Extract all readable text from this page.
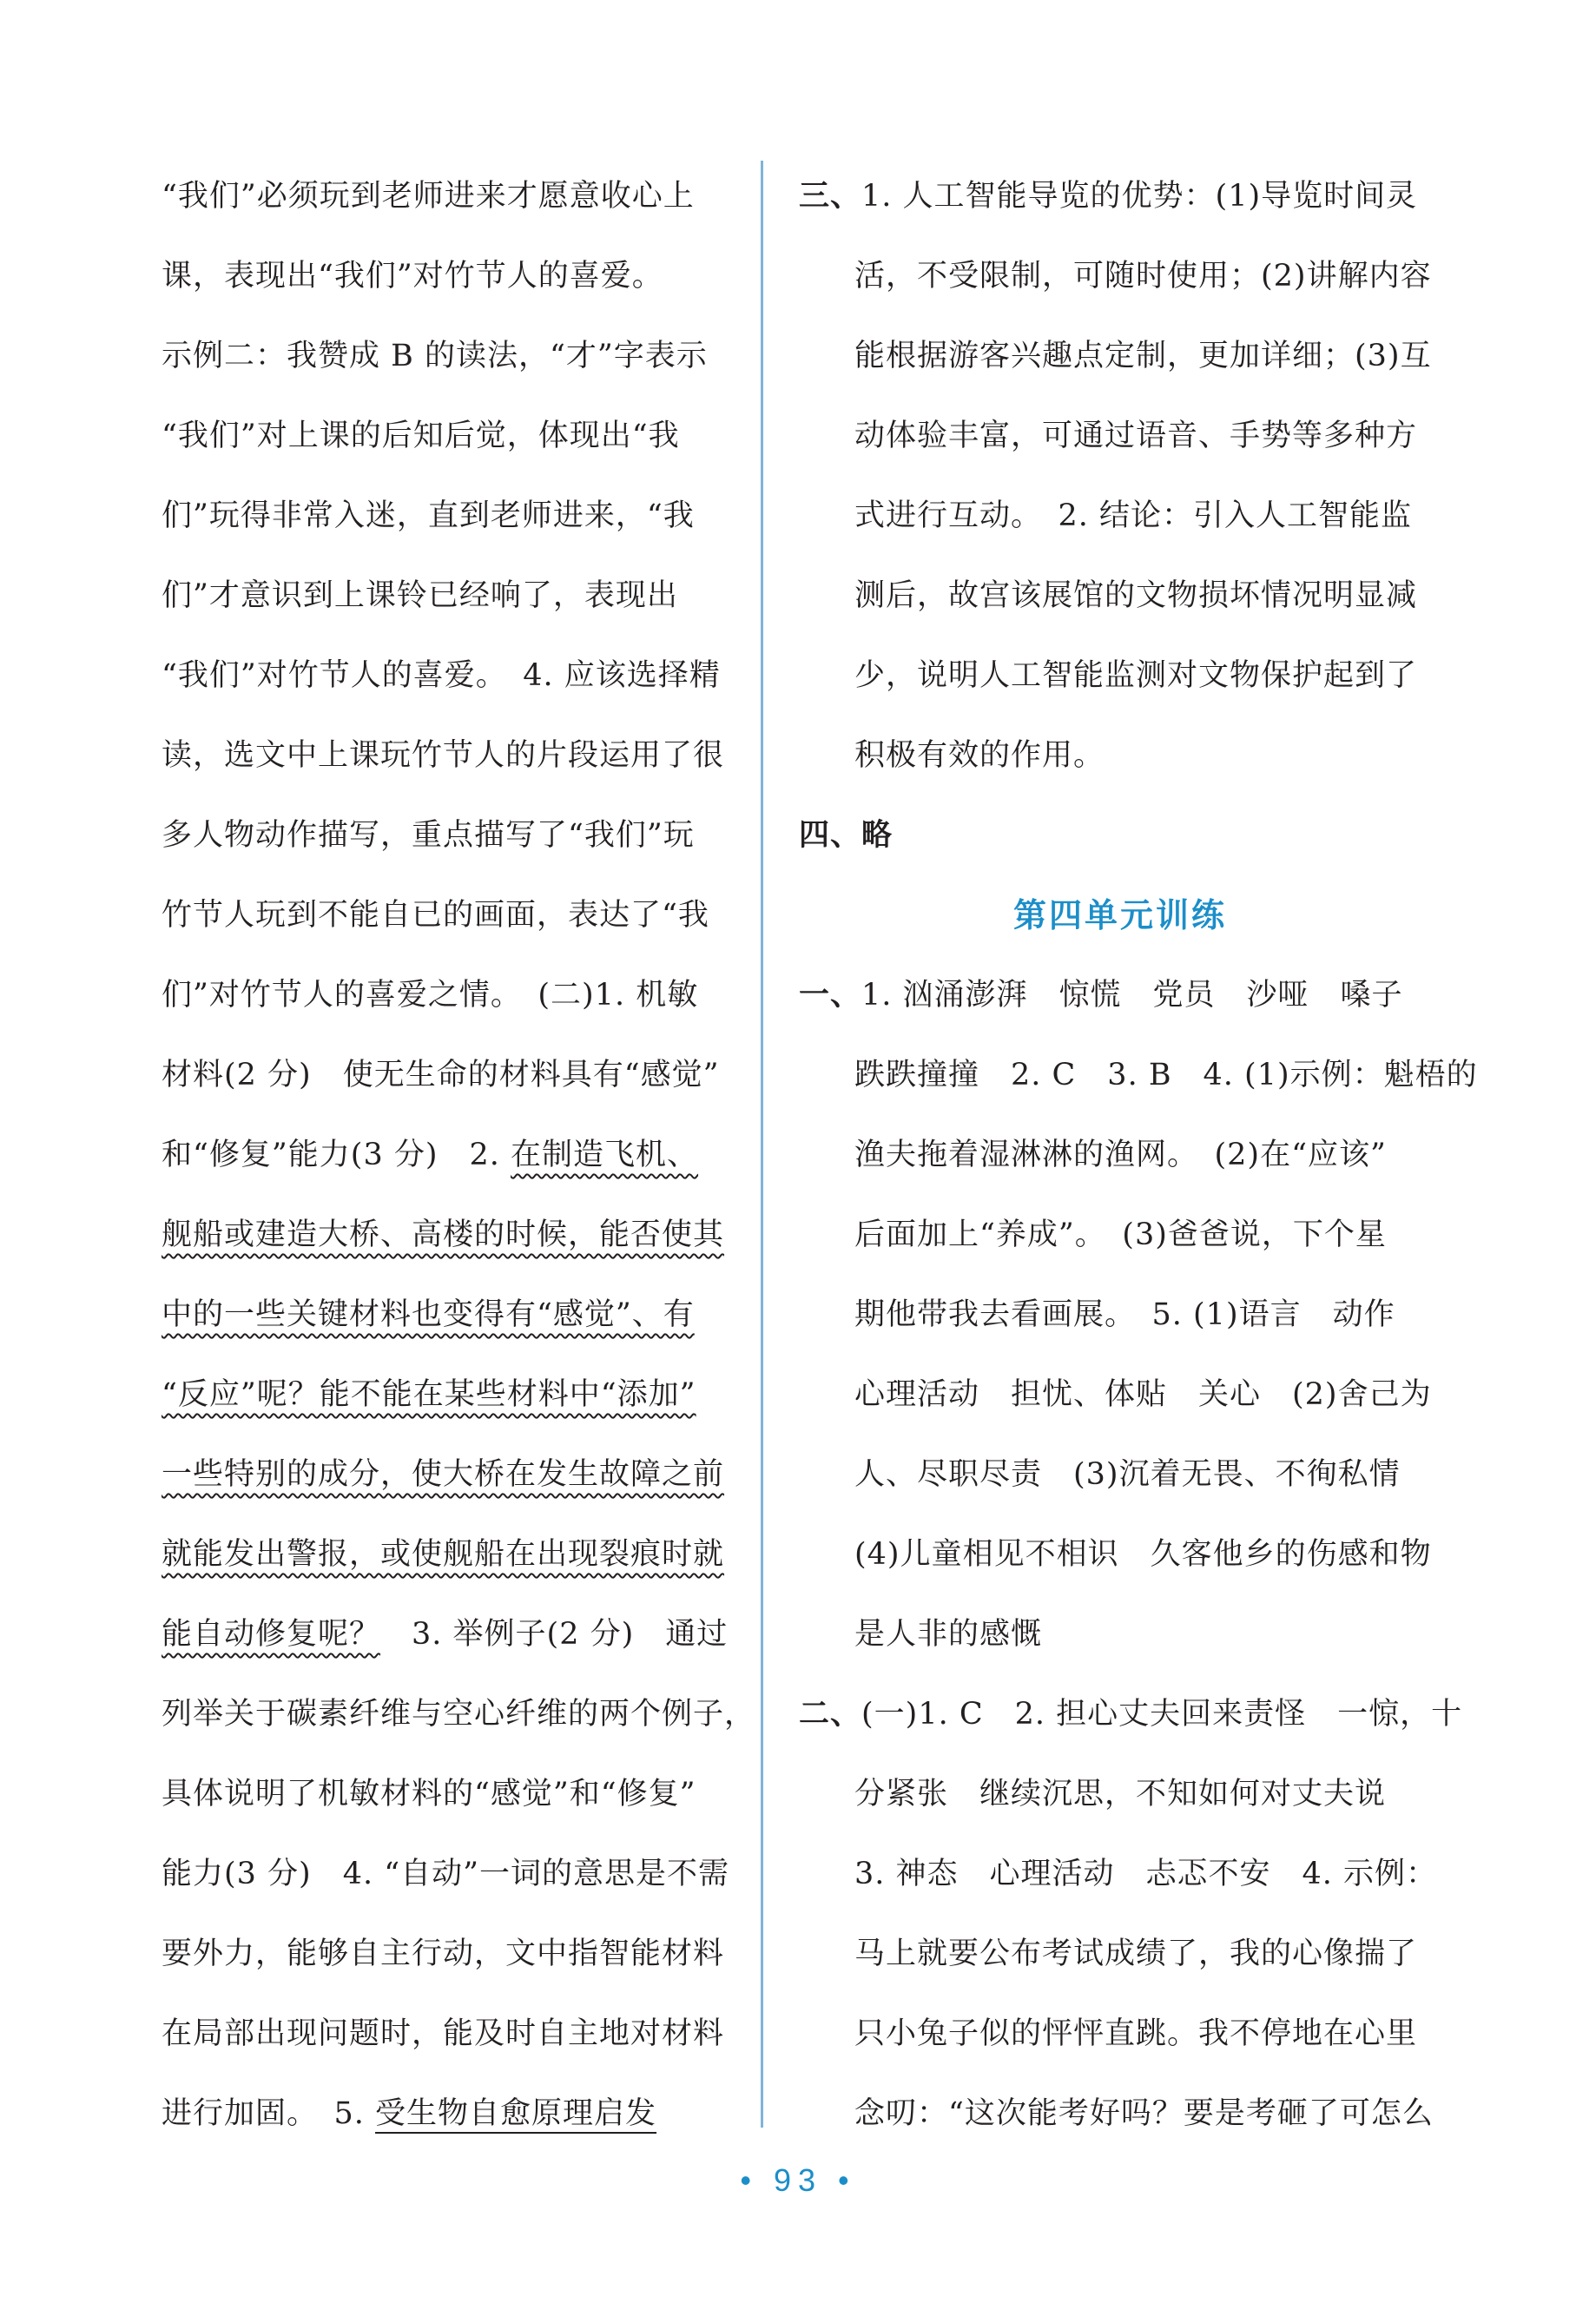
“我们”必须玩到老师进来才愿意收心上
课，表现出“我们”对竹节人的喜爱。
示例二：我赞成 B 的读法，“才”字表示
“我们”对上课的后知后觉，体现出“我
们”玩得非常入迷，直到老师进来，“我
们”才意识到上课铃已经响了，表现出
“我们”对竹节人的喜爱。　4. 应该选择精
读，选文中上课玩竹节人的片段运用了很
多人物动作描写，重点描写了“我们”玩
竹节人玩到不能自已的画面，表达了“我
们”对竹节人的喜爱之情。　(二)1. 机敏
材料(2 分)　使无生命的材料具有“感觉”
和“修复”能力(3 分)　2. 在制造飞机、
舰船或建造大桥、高楼的时候，能否使其
中的一些关键材料也变得有“感觉”、有
“反应”呢？能不能在某些材料中“添加”
一些特别的成分，使大桥在发生故障之前
就能发出警报，或使舰船在出现裂痕时就
能自动修复呢？　3. 举例子(2 分)　通过
列举关于碳素纤维与空心纤维的两个例子，
具体说明了机敏材料的“感觉”和“修复”
能力(3 分)　4. “自动”一词的意思是不需
要外力，能够自主行动，文中指智能材料
在局部出现问题时，能及时自主地对材料
进行加固。　5. 受生物自愈原理启发
三、1. 人工智能导览的优势：(1)导览时间灵
活，不受限制，可随时使用；(2)讲解内容
能根据游客兴趣点定制，更加详细；(3)互
动体验丰富，可通过语音、手势等多种方
式进行互动。　2. 结论：引入人工智能监
测后，故宫该展馆的文物损坏情况明显减
少，说明人工智能监测对文物保护起到了
积极有效的作用。
四、略
第四单元训练
一、1. 汹涌澎湃　惊慌　党员　沙哑　嗓子
跌跌撞撞　2. C　3. B　4. (1)示例：魁梧的
渔夫拖着湿淋淋的渔网。　(2)在“应该”
后面加上“养成”。　(3)爸爸说，下个星
期他带我去看画展。　5. (1)语言　动作
心理活动　担忧、体贴　关心　(2)舍己为
人、尽职尽责　(3)沉着无畏、不徇私情
(4)儿童相见不相识　久客他乡的伤感和物
是人非的感慨
二、(一)1. C　2. 担心丈夫回来责怪　一惊，十
分紧张　继续沉思，不知如何对丈夫说
3. 神态　心理活动　忐忑不安　4. 示例：
马上就要公布考试成绩了，我的心像揣了
只小兔子似的怦怦直跳。我不停地在心里
念叨：“这次能考好吗？要是考砸了可怎么
• 93 •
